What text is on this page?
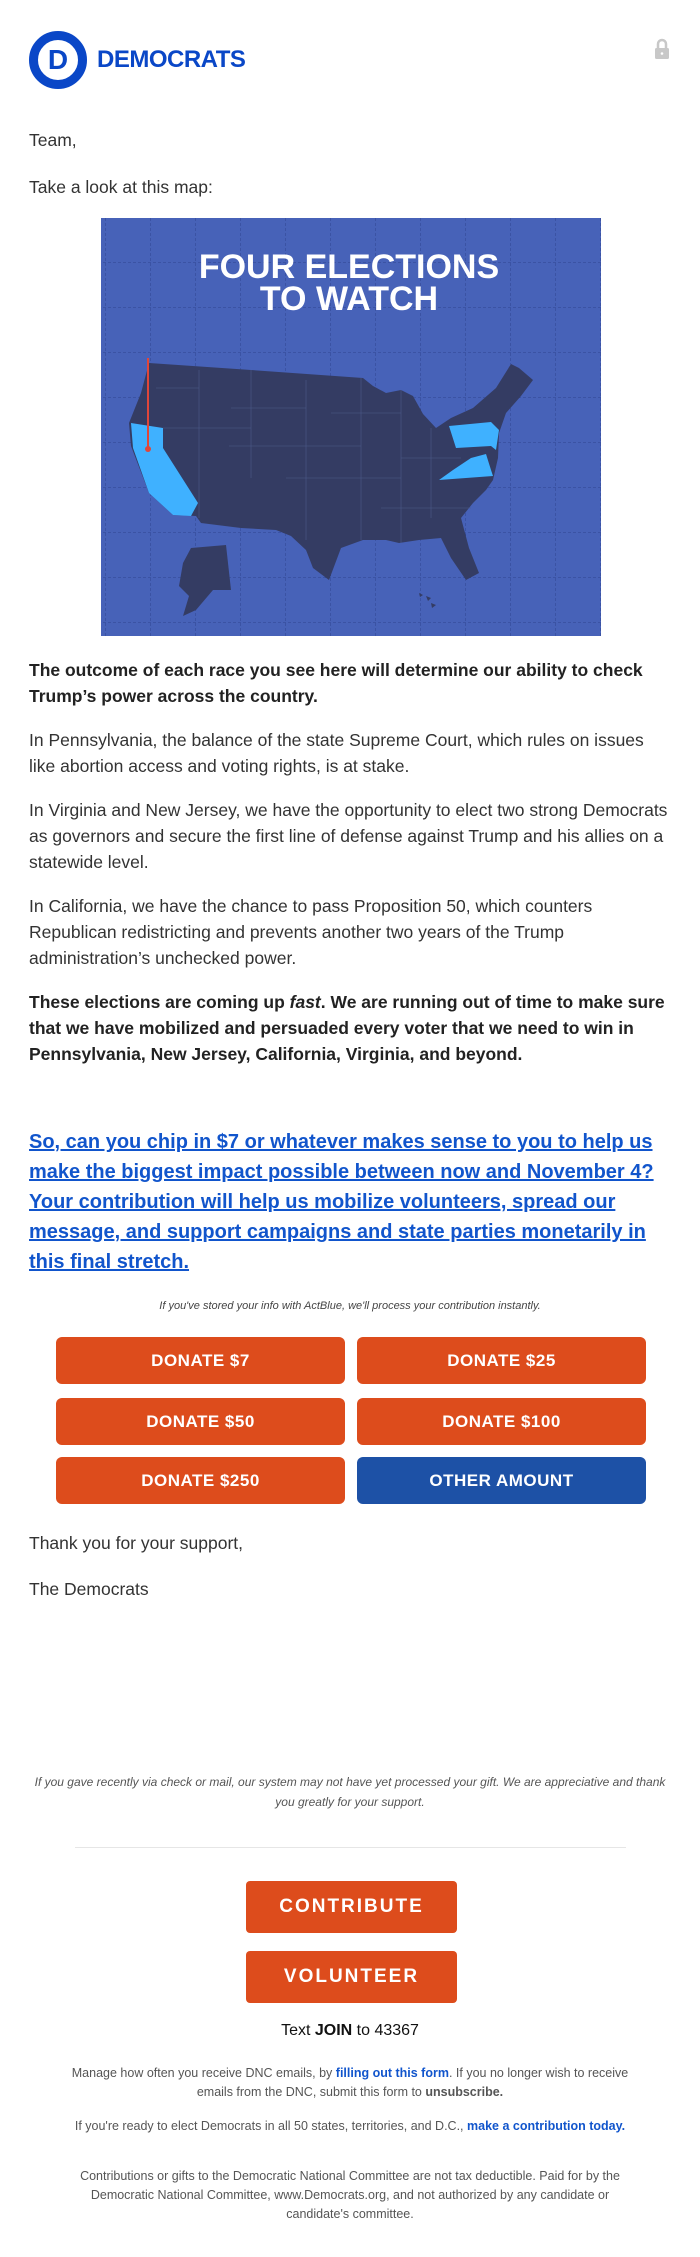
D DEMOCRATS
Team,
Take a look at this map:
FOUR ELECTIONS
TO WATCH
The outcome of each race you see here will determine our ability to check Trump’s power across the country.
In Pennsylvania, the balance of the state Supreme Court, which rules on issues like abortion access and voting rights, is at stake.
In Virginia and New Jersey, we have the opportunity to elect two strong Democrats as governors and secure the first line of defense against Trump and his allies on a statewide level.
In California, we have the chance to pass Proposition 50, which counters Republican redistricting and prevents another two years of the Trump administration’s unchecked power.
These elections are coming up fast. We are running out of time to make sure that we have mobilized and persuaded every voter that we need to win in Pennsylvania, New Jersey, California, Virginia, and beyond.
So, can you chip in $7 or whatever makes sense to you to help us make the biggest impact possible between now and November 4? Your contribution will help us mobilize volunteers, spread our message, and support campaigns and state parties monetarily in this final stretch.
If you've stored your info with ActBlue, we'll process your contribution instantly.
DONATE $7	DONATE $25
DONATE $50	DONATE $100
DONATE $250	OTHER AMOUNT
Thank you for your support,
The Democrats
If you gave recently via check or mail, our system may not have yet processed your gift. We are appreciative and thank you greatly for your support.
CONTRIBUTE
VOLUNTEER
Text JOIN to 43367
Manage how often you receive DNC emails, by filling out this form. If you no longer wish to receive emails from the DNC, submit this form to unsubscribe.
If you're ready to elect Democrats in all 50 states, territories, and D.C., make a contribution today.
Contributions or gifts to the Democratic National Committee are not tax deductible. Paid for by the Democratic National Committee, www.Democrats.org, and not authorized by any candidate or candidate's committee.
